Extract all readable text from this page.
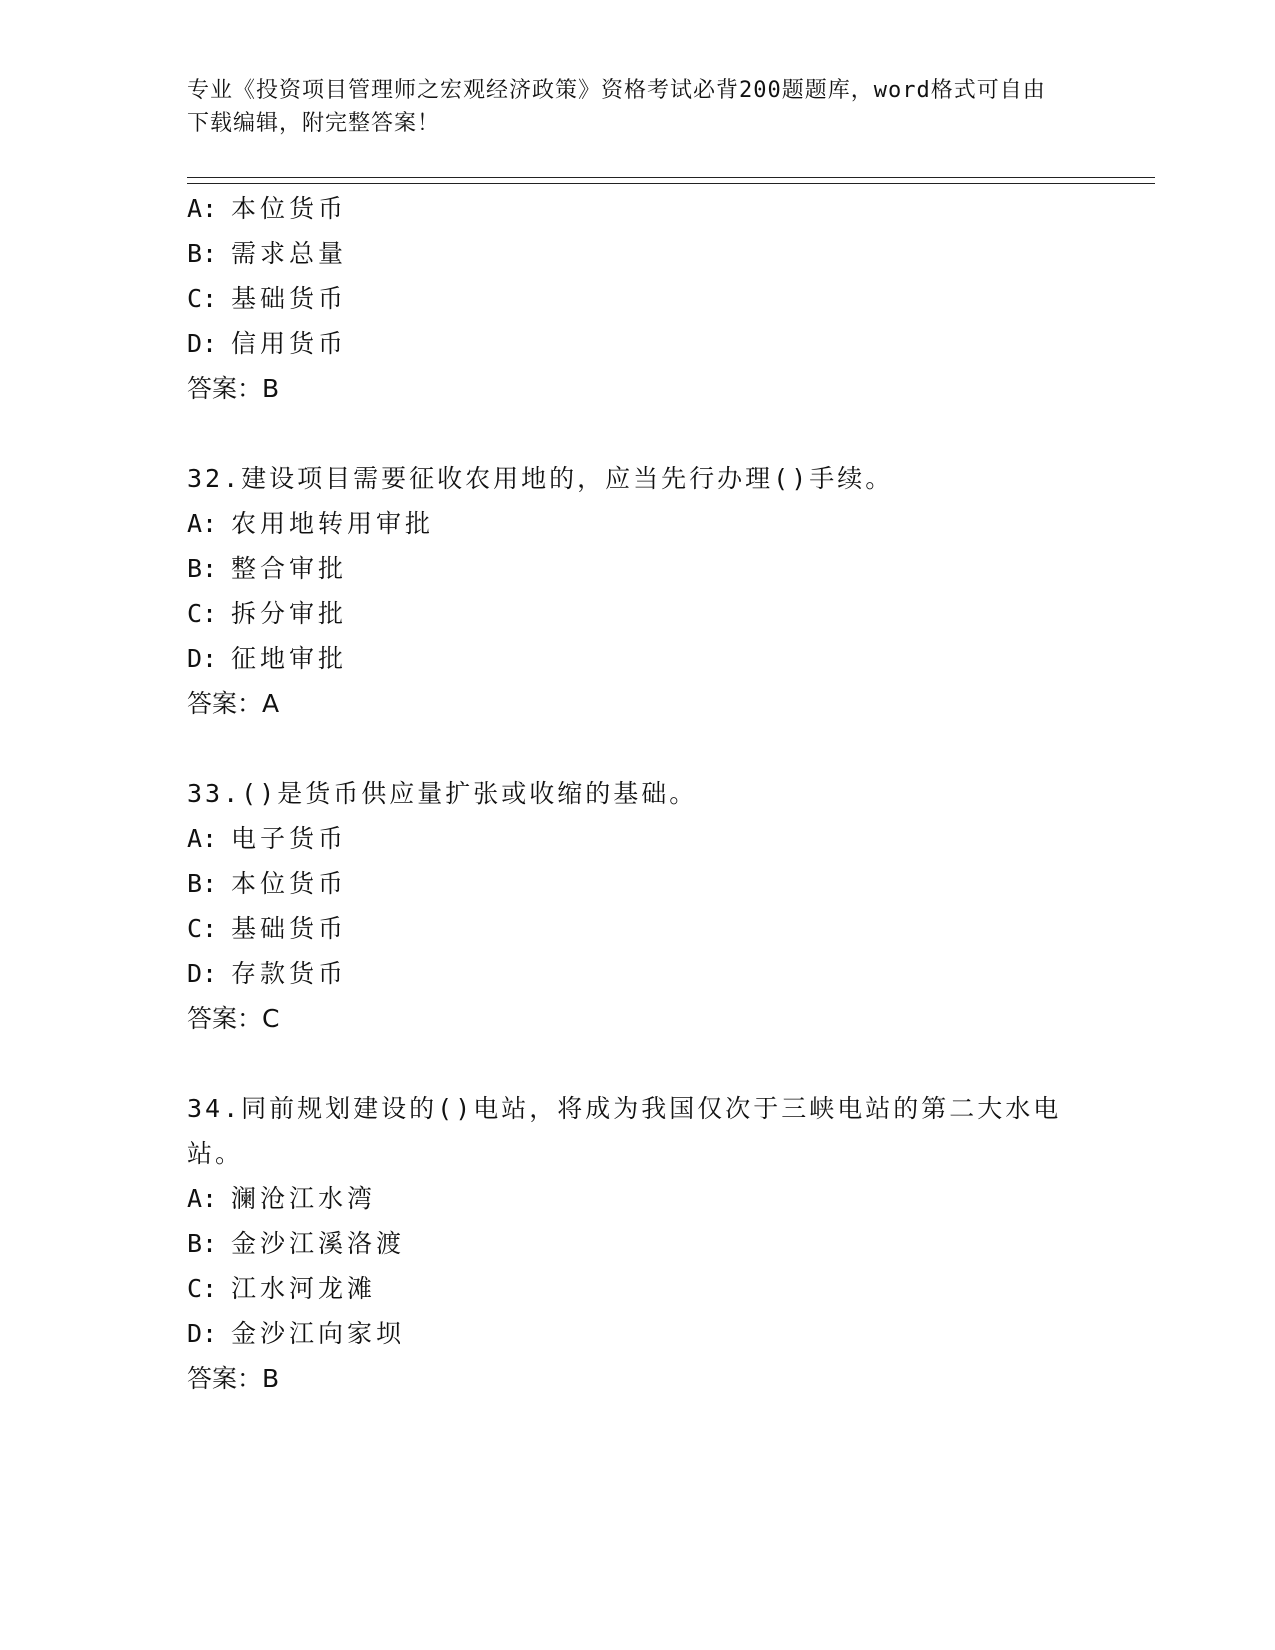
专业《投资项目管理师之宏观经济政策》资格考试必背200题题库，word格式可自由下载编辑，附完整答案！
A: 本位货币
B: 需求总量
C: 基础货币
D: 信用货币
答案：B
32.建设项目需要征收农用地的，应当先行办理()手续。
A: 农用地转用审批
B: 整合审批
C: 拆分审批
D: 征地审批
答案：A
33.()是货币供应量扩张或收缩的基础。
A: 电子货币
B: 本位货币
C: 基础货币
D: 存款货币
答案：C
34.同前规划建设的()电站，将成为我国仅次于三峡电站的第二大水电站。
A: 澜沧江水湾
B: 金沙江溪洛渡
C: 江水河龙滩
D: 金沙江向家坝
答案：B
